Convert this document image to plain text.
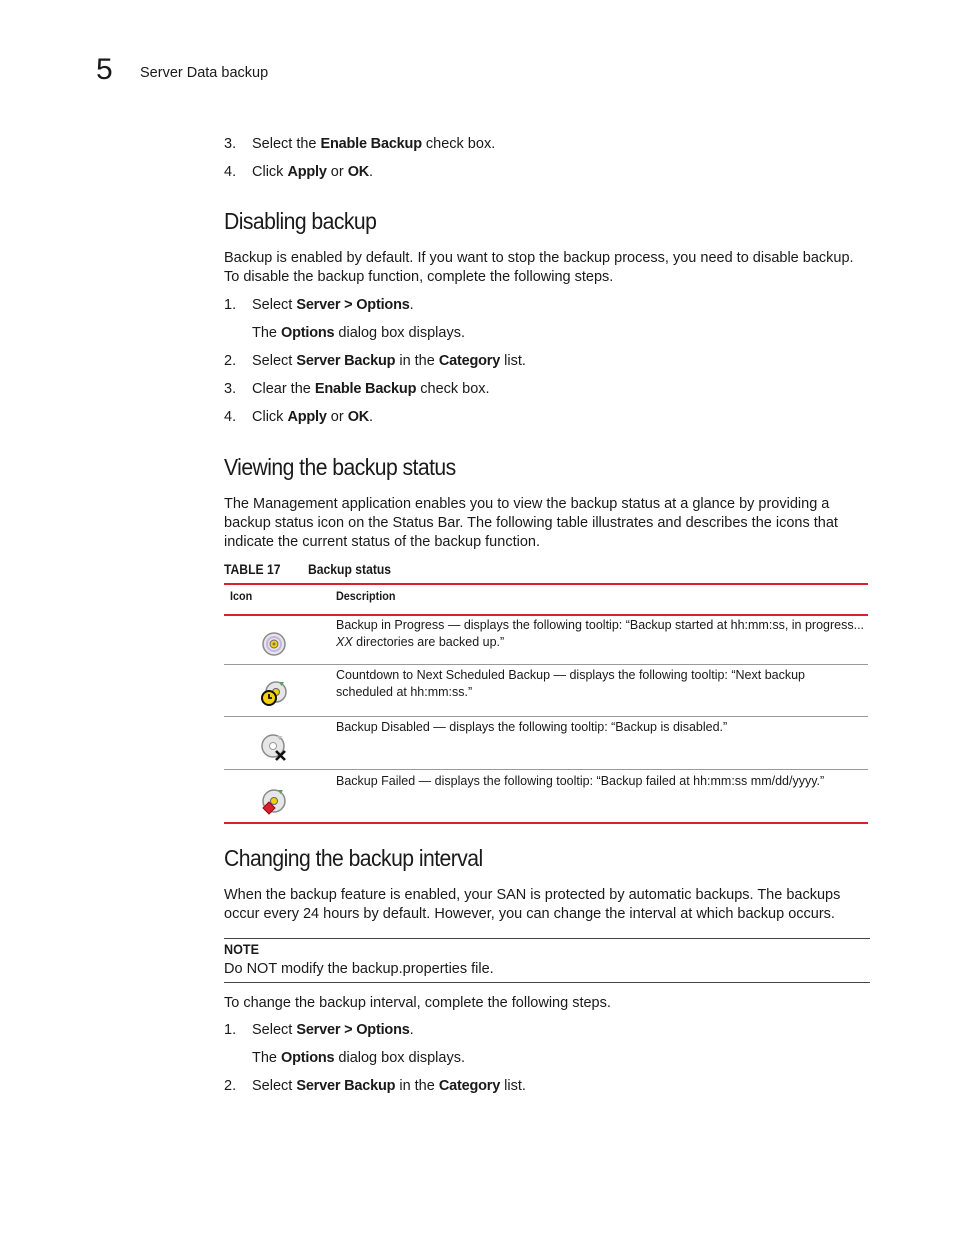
5 Server Data backup
3.	Select the Enable Backup check box.
4.	Click Apply or OK.
Disabling backup
Backup is enabled by default. If you want to stop the backup process, you need to disable backup. To disable the backup function, complete the following steps.
1.	Select Server > Options.
The Options dialog box displays.
2.	Select Server Backup in the Category list.
3.	Clear the Enable Backup check box.
4.	Click Apply or OK.
Viewing the backup status
The Management application enables you to view the backup status at a glance by providing a backup status icon on the Status Bar. The following table illustrates and describes the icons that indicate the current status of the backup function.
TABLE 17 Backup status
Icon	Description
Backup in Progress — displays the following tooltip: “Backup started at hh:mm:ss, in progress... XX directories are backed up.”
Countdown to Next Scheduled Backup — displays the following tooltip: “Next backup scheduled at hh:mm:ss.”
Backup Disabled — displays the following tooltip: “Backup is disabled.”
Backup Failed — displays the following tooltip: “Backup failed at hh:mm:ss mm/dd/yyyy.”
Changing the backup interval
When the backup feature is enabled, your SAN is protected by automatic backups. The backups occur every 24 hours by default. However, you can change the interval at which backup occurs.
NOTE
Do NOT modify the backup.properties file.
To change the backup interval, complete the following steps.
1.	Select Server > Options.
The Options dialog box displays.
2.	Select Server Backup in the Category list.
